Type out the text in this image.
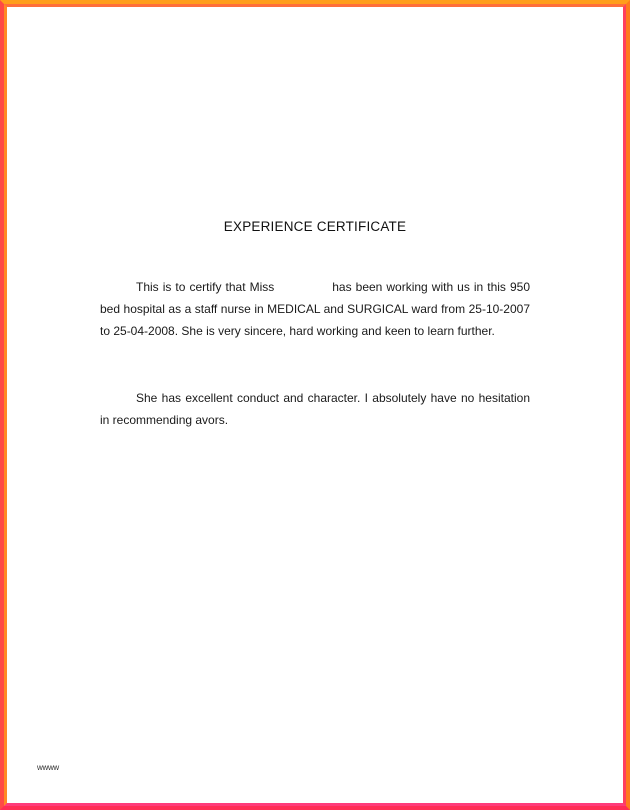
EXPERIENCE CERTIFICATE

This is to certify that Miss	has been working with us in this 950 bed hospital as a staff nurse in MEDICAL and SURGICAL ward from 25-10-2007 to 25-04-2008. She is very sincere, hard working and keen to learn further.

She has excellent conduct and character. I absolutely have no hesitation in recommending avors.

wwww
